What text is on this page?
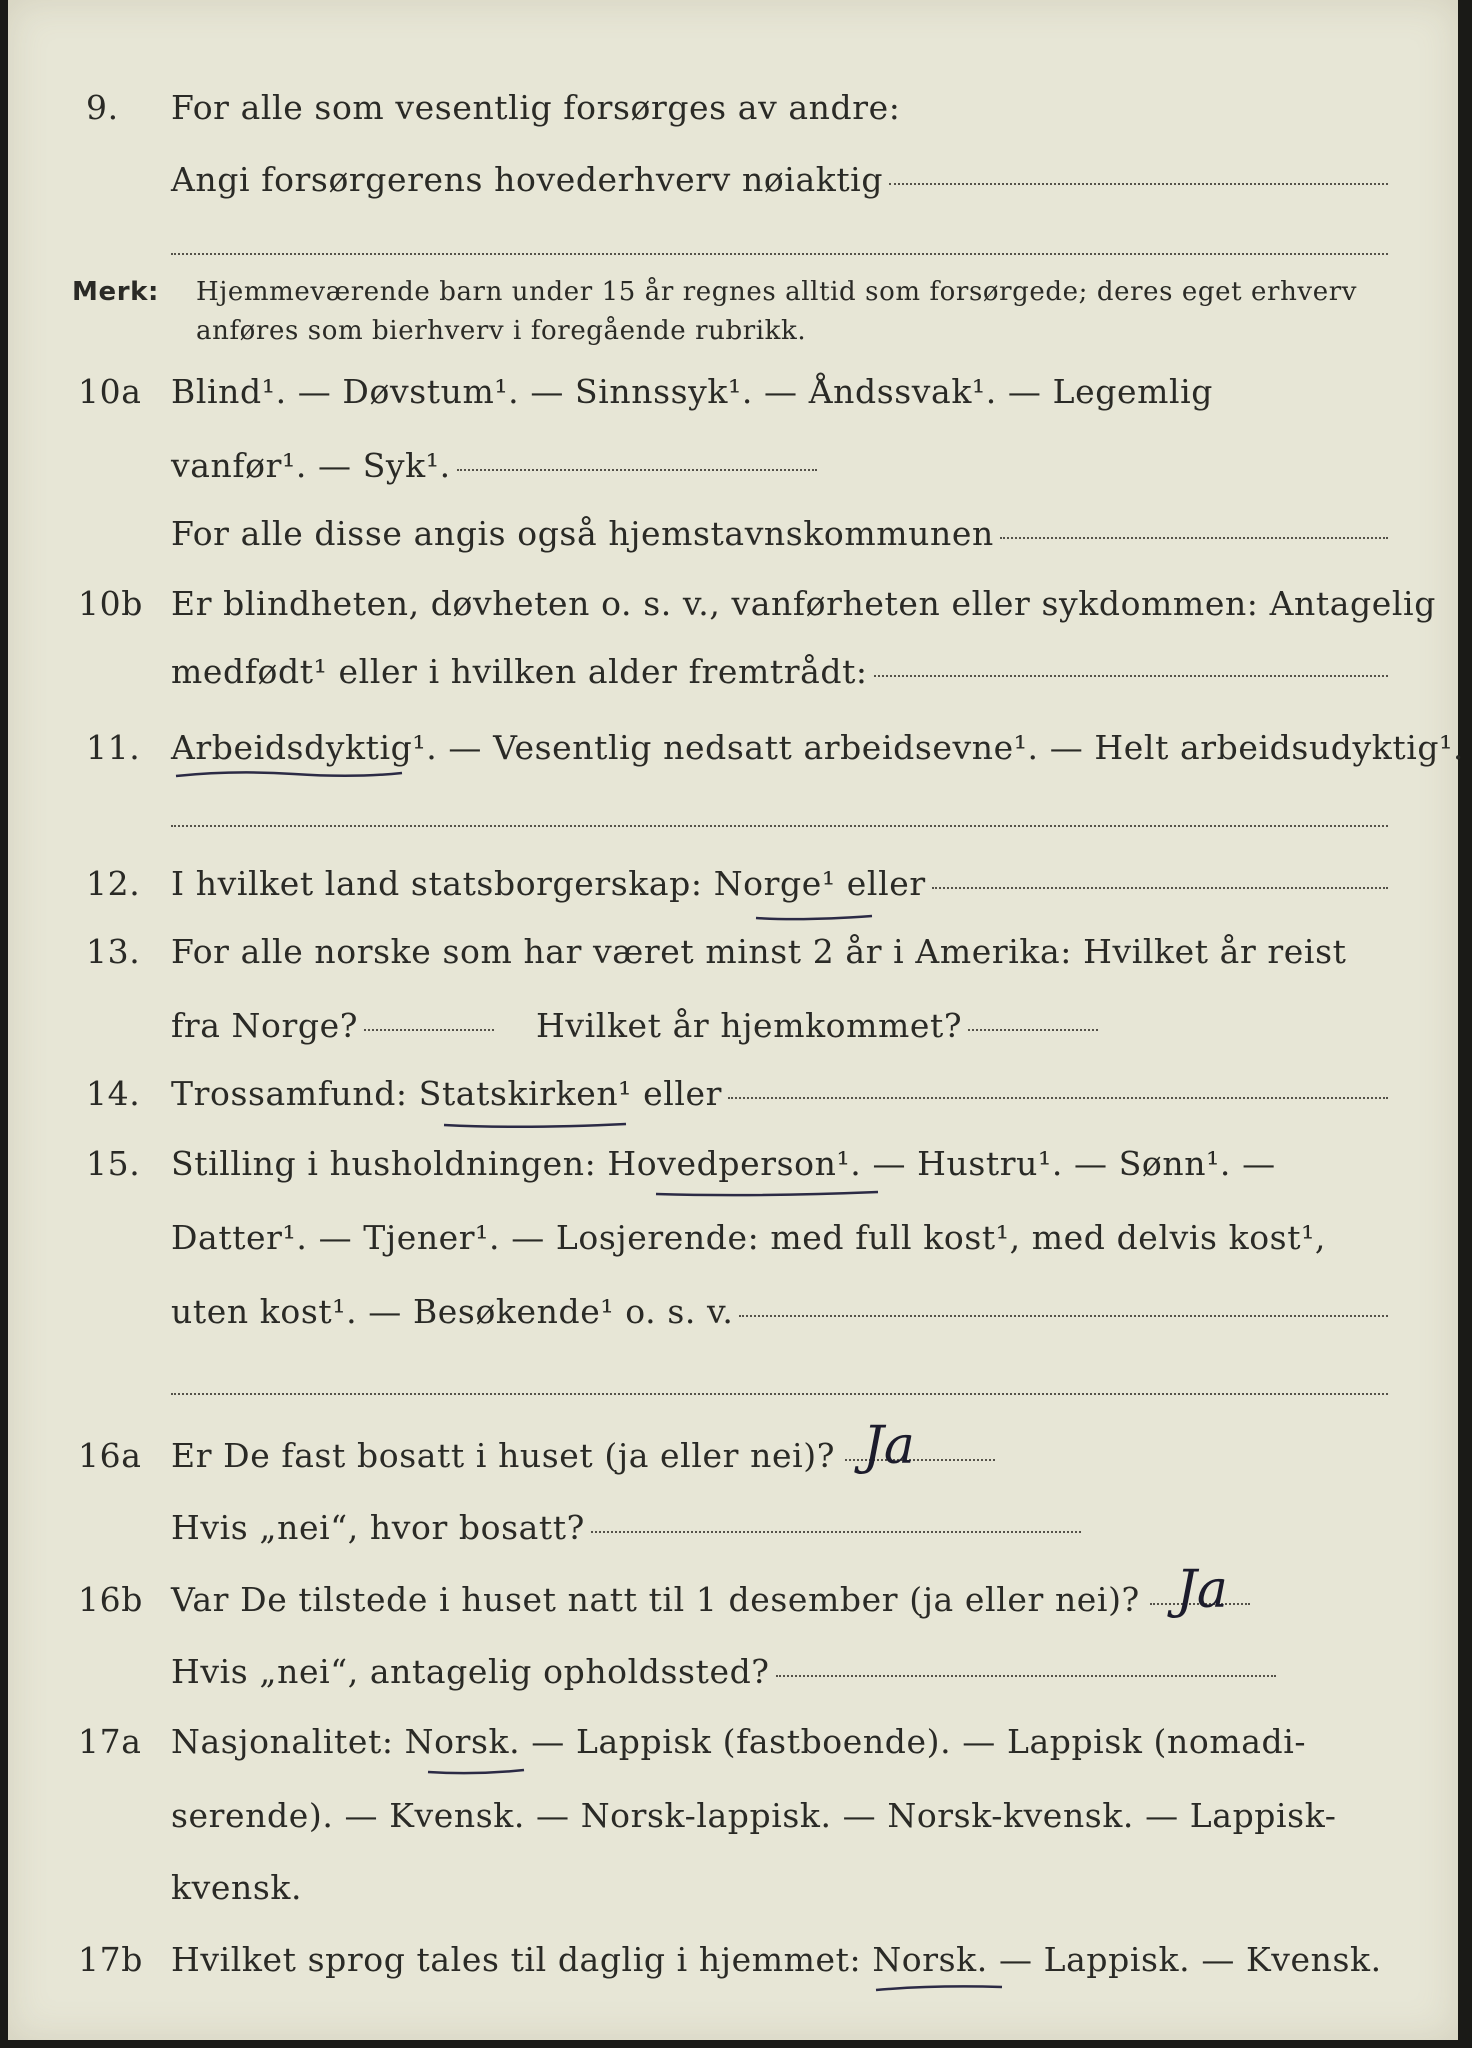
9.	For alle som vesentlig forsørges av andre:
Angi forsørgerens hovederhverv nøiaktig
Merk: Hjemmeværende barn under 15 år regnes alltid som forsørgede; deres eget erhverv
anføres som bierhverv i foregående rubrikk.
10a Blind¹. — Døvstum¹. — Sinnssyk¹. — Åndssvak¹. — Legemlig
vanfør¹. — Syk¹.
For alle disse angis også hjemstavnskommunen
10b Er blindheten, døvheten o. s. v., vanførheten eller sykdommen: Antagelig
medfødt¹ eller i hvilken alder fremtrådt:
11. Arbeidsdyktig¹. — Vesentlig nedsatt arbeidsevne¹. — Helt arbeidsudyktig¹.
12. I hvilket land statsborgerskap: Norge¹ eller
13. For alle norske som har været minst 2 år i Amerika: Hvilket år reist
fra Norge?	Hvilket år hjemkommet?
14. Trossamfund: Statskirken¹ eller
15. Stilling i husholdningen: Hovedperson¹. — Hustru¹. — Sønn¹. —
Datter¹. — Tjener¹. — Losjerende: med full kost¹, med delvis kost¹,
uten kost¹. — Besøkende¹ o. s. v.
16a Er De fast bosatt i huset (ja eller nei)? Ja
Hvis „nei“, hvor bosatt?
16b Var De tilstede i huset natt til 1 desember (ja eller nei)? Ja
Hvis „nei“, antagelig opholdssted?
17a Nasjonalitet: Norsk. — Lappisk (fastboende). — Lappisk (nomadi-
serende). — Kvensk. — Norsk-lappisk. — Norsk-kvensk. — Lappisk-
kvensk.
17b Hvilket sprog tales til daglig i hjemmet: Norsk. — Lappisk. — Kvensk.
